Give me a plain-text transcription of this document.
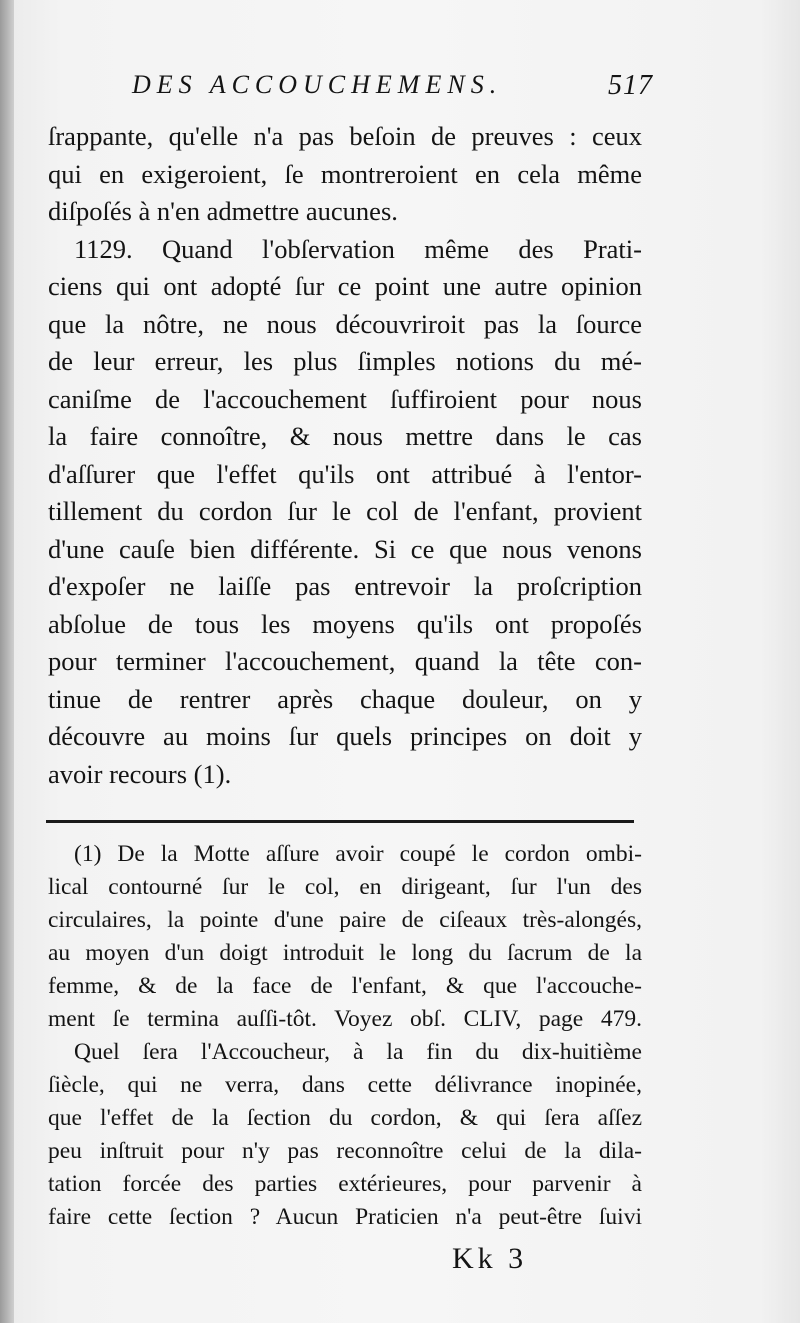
DES ACCOUCHEMENS.	517
ſrappante, qu'elle n'a pas beſoin de preuves : ceux
qui en exigeroient, ſe montreroient en cela même
diſpoſés à n'en admettre aucunes.
1129. Quand l'obſervation même des Prati-
ciens qui ont adopté ſur ce point une autre opinion
que la nôtre, ne nous découvriroit pas la ſource
de leur erreur, les plus ſimples notions du mé-
caniſme de l'accouchement ſuffiroient pour nous
la faire connoître, & nous mettre dans le cas
d'aſſurer que l'effet qu'ils ont attribué à l'entor-
tillement du cordon ſur le col de l'enfant, provient
d'une cauſe bien différente. Si ce que nous venons
d'expoſer ne laiſſe pas entrevoir la proſcription
abſolue de tous les moyens qu'ils ont propoſés
pour terminer l'accouchement, quand la tête con-
tinue de rentrer après chaque douleur, on y
découvre au moins ſur quels principes on doit y
avoir recours (1).
(1) De la Motte aſſure avoir coupé le cordon ombi-
lical contourné ſur le col, en dirigeant, ſur l'un des
circulaires, la pointe d'une paire de ciſeaux très-alongés,
au moyen d'un doigt introduit le long du ſacrum de la
femme, & de la face de l'enfant, & que l'accouche-
ment ſe termina auſſi-tôt. Voyez obſ. CLIV, page 479.
Quel ſera l'Accoucheur, à la fin du dix-huitième
ſiècle, qui ne verra, dans cette délivrance inopinée,
que l'effet de la ſection du cordon, & qui ſera aſſez
peu inſtruit pour n'y pas reconnoître celui de la dila-
tation forcée des parties extérieures, pour parvenir à
faire cette ſection ? Aucun Praticien n'a peut-être ſuivi
Kk 3
